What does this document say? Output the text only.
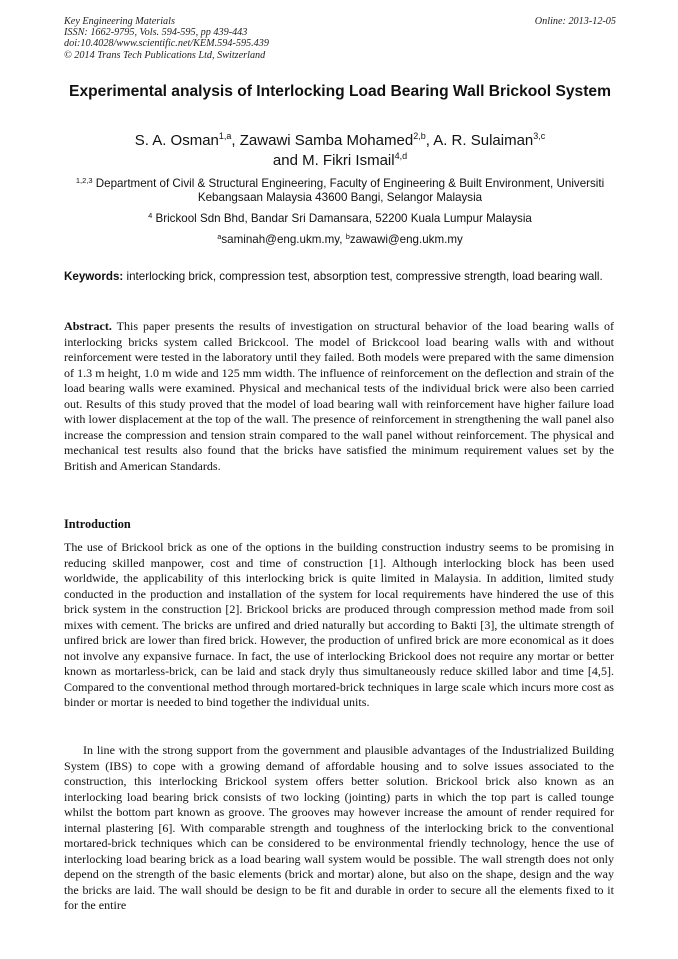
Key Engineering Materials
ISSN: 1662-9795, Vols. 594-595, pp 439-443
doi:10.4028/www.scientific.net/KEM.594-595.439
© 2014 Trans Tech Publications Ltd, Switzerland
Online: 2013-12-05
Experimental analysis of Interlocking Load Bearing Wall Brickool System
S. A. Osman$^{1,a}$, Zawawi Samba Mohamed$^{2,b}$, A. R. Sulaiman$^{3,c}$
and M. Fikri Ismail$^{4,d}$
$^{1,2,3}$ Department of Civil & Structural Engineering, Faculty of Engineering & Built Environment, Universiti Kebangsaan Malaysia 43600 Bangi, Selangor Malaysia
$^4$ Brickool Sdn Bhd, Bandar Sri Damansara, 52200 Kuala Lumpur Malaysia
$^a$saminah@eng.ukm.my, $^b$zawawi@eng.ukm.my
Keywords: interlocking brick, compression test, absorption test, compressive strength, load bearing wall.

Abstract. This paper presents the results of investigation on structural behavior of the load bearing walls of interlocking bricks system called Brickcool. The model of Brickcool load bearing walls with and without reinforcement were tested in the laboratory until they failed. Both models were prepared with the same dimension of 1.3 m height, 1.0 m wide and 125 mm width. The influence of reinforcement on the deflection and strain of the load bearing walls were examined. Physical and mechanical tests of the individual brick were also been carried out. Results of this study proved that the model of load bearing wall with reinforcement have higher failure load with lower displacement at the top of the wall. The presence of reinforcement in strengthening the wall panel also increase the compression and tension strain compared to the wall panel without reinforcement. The physical and mechanical test results also found that the bricks have satisfied the minimum requirement values set by the British and American Standards.

Introduction

The use of Brickool brick as one of the options in the building construction industry seems to be promising in reducing skilled manpower, cost and time of construction [1]. Although interlocking block has been used worldwide, the applicability of this interlocking brick is quite limited in Malaysia. In addition, limited study conducted in the production and installation of the system for local requirements have hindered the use of this brick system in the construction [2]. Brickool bricks are produced through compression method made from soil mixes with cement. The bricks are unfired and dried naturally but according to Bakti [3], the ultimate strength of unfired brick are lower than fired brick. However, the production of unfired brick are more economical as it does not involve any expansive furnace. In fact, the use of interlocking Brickool does not require any mortar or better known as mortarless-brick, can be laid and stack dryly thus simultaneously reduce skilled labor and time [4,5]. Compared to the conventional method through mortared-brick techniques in large scale which incurs more cost as binder or mortar is needed to bind together the individual units.

In line with the strong support from the government and plausible advantages of the Industrialized Building System (IBS) to cope with a growing demand of affordable housing and to solve issues associated to the construction, this interlocking Brickool system offers better solution. Brickool brick also known as an interlocking load bearing brick consists of two locking (jointing) parts in which the top part is called tounge whilst the bottom part known as groove. The grooves may however increase the amount of render required for internal plastering [6]. With comparable strength and toughness of the interlocking brick to the conventional mortared-brick techniques which can be considered to be environmental friendly technology, hence the use of interlocking load bearing brick as a load bearing wall system would be possible. The wall strength does not only depend on the strength of the basic elements (brick and mortar) alone, but also on the shape, design and the way the bricks are laid. The wall should be design to be fit and durable in order to secure all the elements fixed to it for the entire
